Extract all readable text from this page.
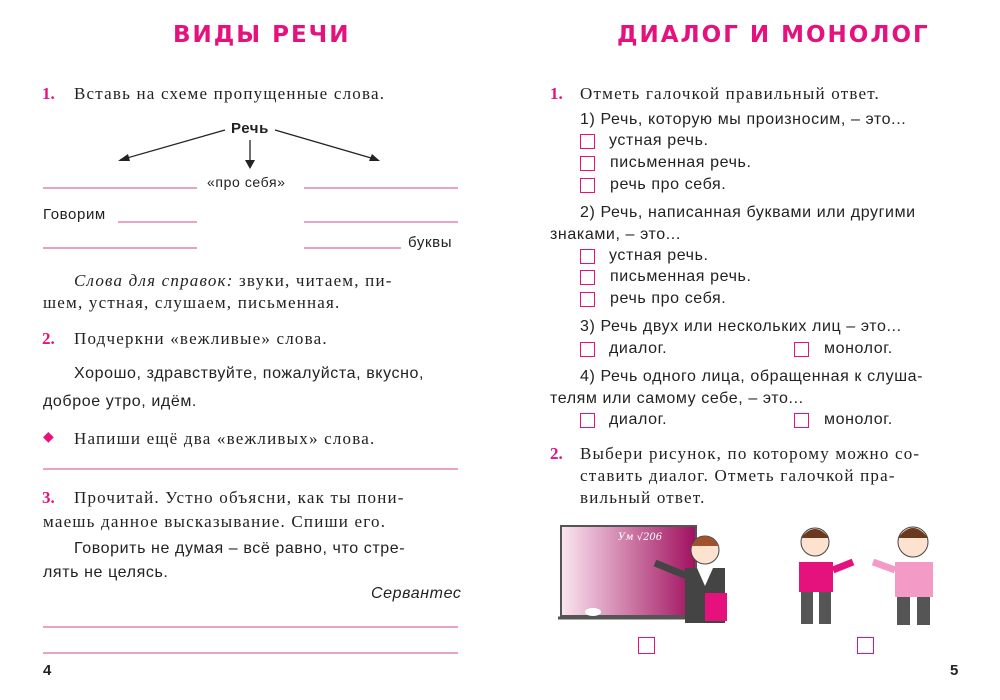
ВИДЫ РЕЧИ
1. Вставь на схеме пропущенные слова.
Речь
«про себя»
Говорим
буквы
Слова для справок: звуки, читаем, пи-
шем, устная, слушаем, письменная.
2. Подчеркни «вежливые» слова.
Хорошо, здравствуйте, пожалуйста, вкусно,
доброе утро, идём.
◆ Напиши ещё два «вежливых» слова.
3. Прочитай. Устно объясни, как ты пони-
маешь данное высказывание. Спиши его.
Говорить не думая – всё равно, что стре-
лять не целясь.
Сервантес
4
ДИАЛОГ И МОНОЛОГ
1. Отметь галочкой правильный ответ.
1) Речь, которую мы произносим, – это...
устная речь.
письменная речь.
речь про себя.
2) Речь, написанная буквами или другими
знаками, – это...
устная речь.
письменная речь.
речь про себя.
3) Речь двух или нескольких лиц – это...
диалог.	монолог.
4) Речь одного лица, обращенная к слуша-
телям или самому себе, – это...
диалог.	монолог.
2. Выбери рисунок, по которому можно со-
ставить диалог. Отметь галочкой пра-
вильный ответ.
Ум √206
5
